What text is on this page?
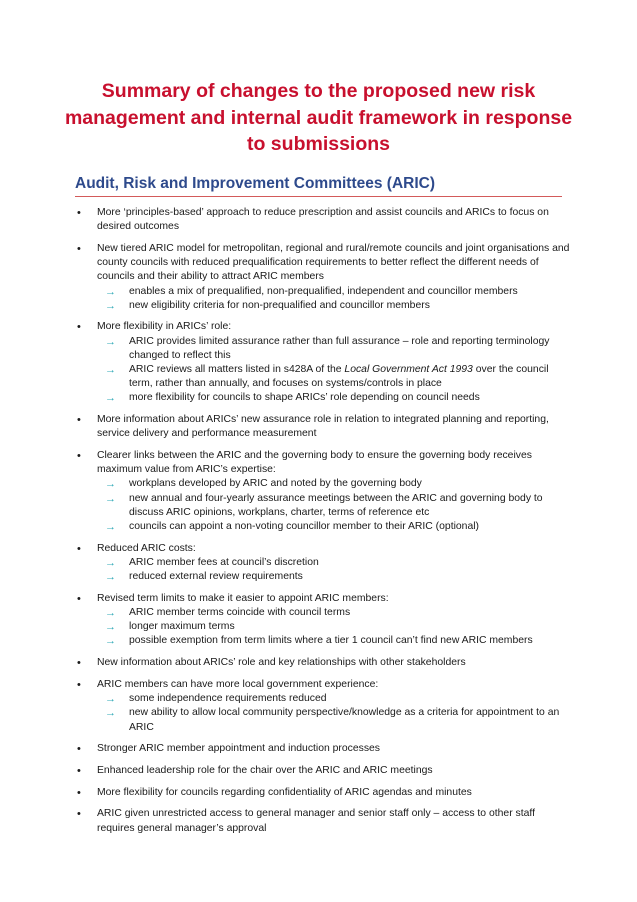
Summary of changes to the proposed new risk management and internal audit framework in response to submissions
Audit, Risk and Improvement Committees (ARIC)
•	More ‘principles-based’ approach to reduce prescription and assist councils and ARICs to focus on desired outcomes
•	New tiered ARIC model for metropolitan, regional and rural/remote councils and joint organisations and county councils with reduced prequalification requirements to better reflect the different needs of councils and their ability to attract ARIC members
→ enables a mix of prequalified, non-prequalified, independent and councillor members
→ new eligibility criteria for non-prequalified and councillor members
•	More flexibility in ARICs’ role:
→ ARIC provides limited assurance rather than full assurance – role and reporting terminology changed to reflect this
→ ARIC reviews all matters listed in s428A of the Local Government Act 1993 over the council term, rather than annually, and focuses on systems/controls in place
→ more flexibility for councils to shape ARICs’ role depending on council needs
•	More information about ARICs’ new assurance role in relation to integrated planning and reporting, service delivery and performance measurement
•	Clearer links between the ARIC and the governing body to ensure the governing body receives maximum value from ARIC’s expertise:
→ workplans developed by ARIC and noted by the governing body
→ new annual and four-yearly assurance meetings between the ARIC and governing body to discuss ARIC opinions, workplans, charter, terms of reference etc
→ councils can appoint a non-voting councillor member to their ARIC (optional)
•	Reduced ARIC costs:
→ ARIC member fees at council’s discretion
→ reduced external review requirements
•	Revised term limits to make it easier to appoint ARIC members:
→ ARIC member terms coincide with council terms
→ longer maximum terms
→ possible exemption from term limits where a tier 1 council can’t find new ARIC members
•	New information about ARICs’ role and key relationships with other stakeholders
•	ARIC members can have more local government experience:
→ some independence requirements reduced
→ new ability to allow local community perspective/knowledge as a criteria for appointment to an ARIC
•	Stronger ARIC member appointment and induction processes
•	Enhanced leadership role for the chair over the ARIC and ARIC meetings
•	More flexibility for councils regarding confidentiality of ARIC agendas and minutes
•	ARIC given unrestricted access to general manager and senior staff only – access to other staff requires general manager’s approval
